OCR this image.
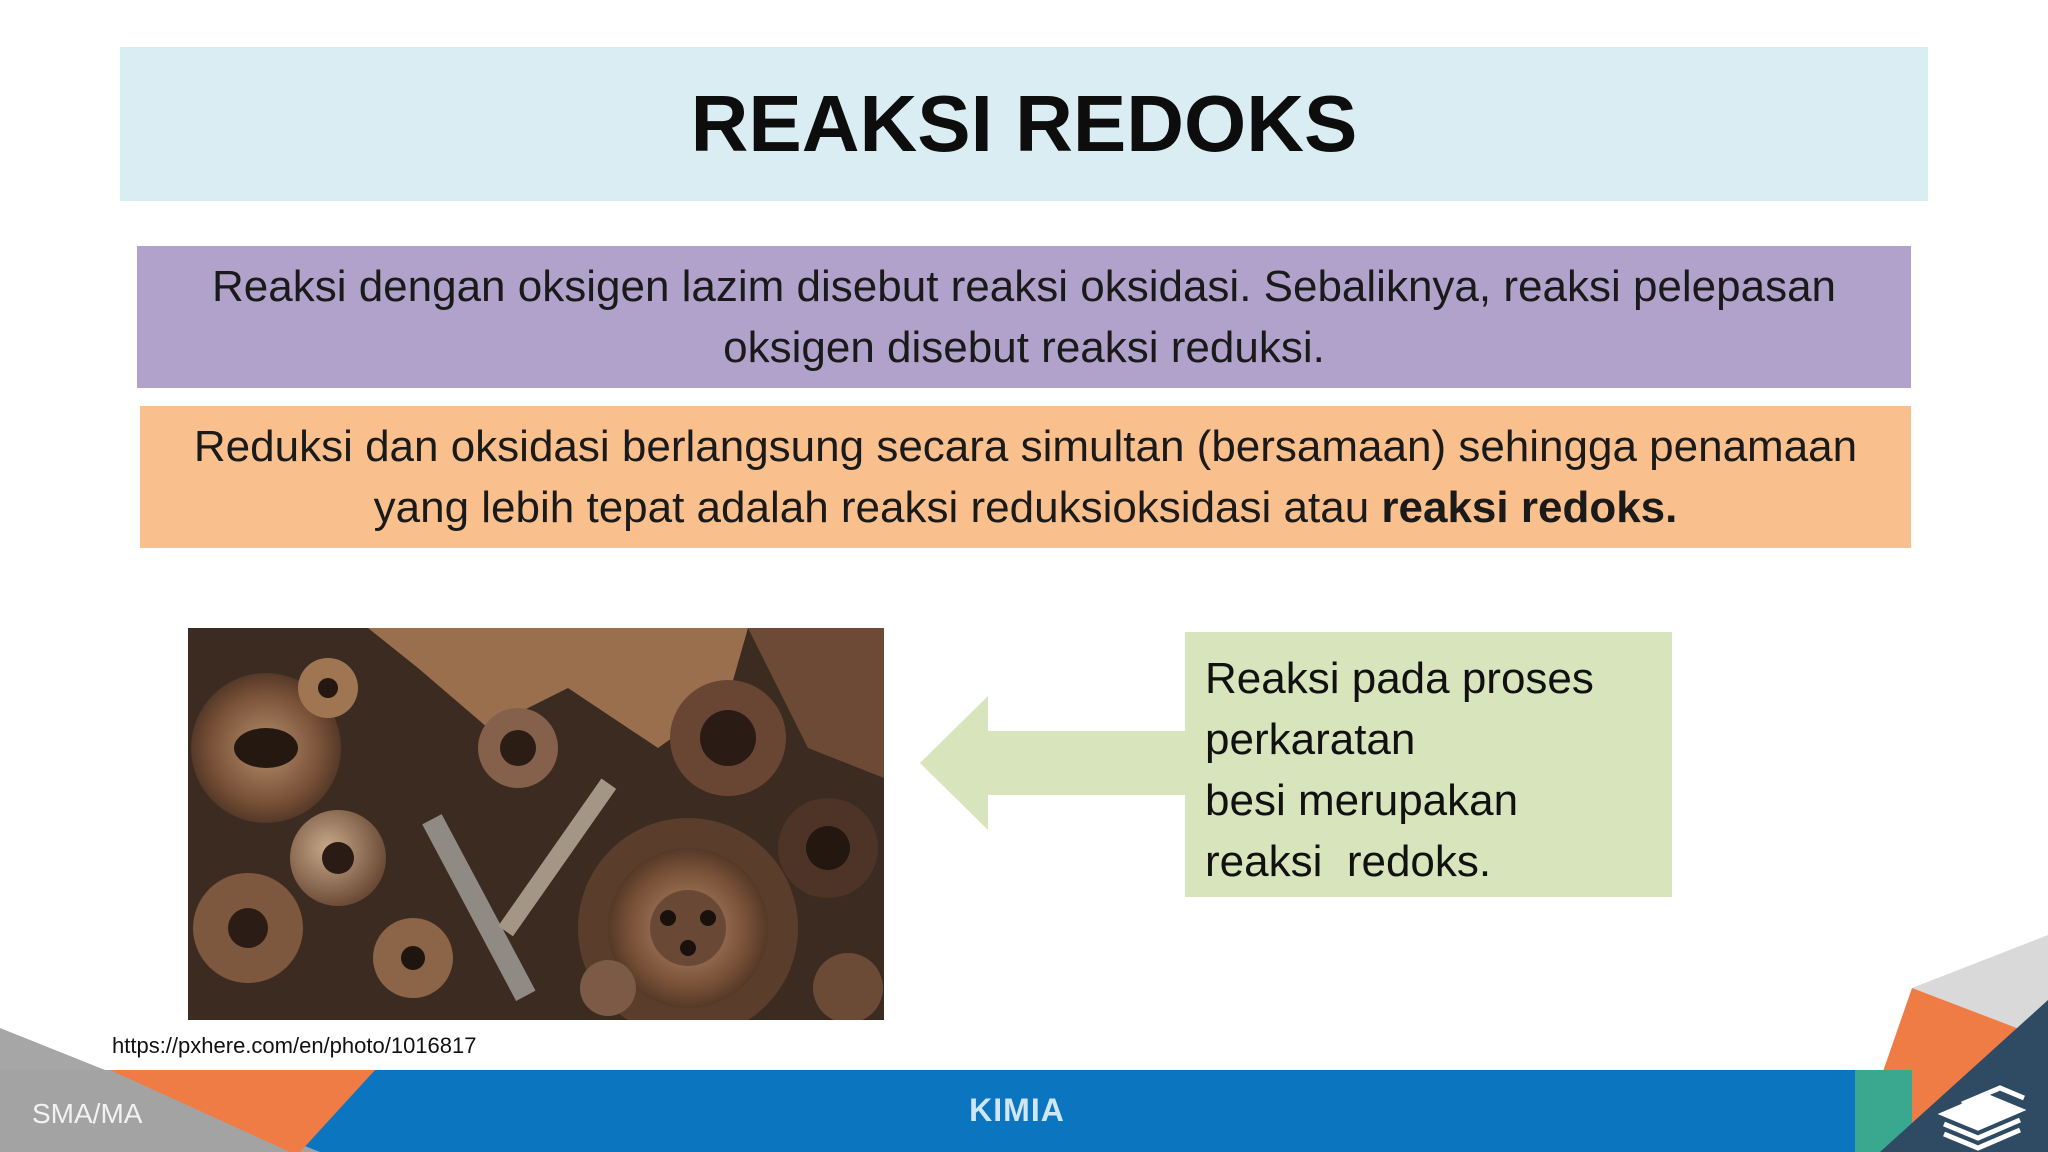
REAKSI REDOKS
Reaksi dengan oksigen lazim disebut reaksi oksidasi. Sebaliknya, reaksi pelepasan oksigen disebut reaksi reduksi.
Reduksi dan oksidasi berlangsung secara simultan (bersamaan) sehingga penamaan yang lebih tepat adalah reaksi reduksioksidasi atau reaksi redoks.
Reaksi pada proses
perkaratan
besi merupakan
reaksi  redoks.
https://pxhere.com/en/photo/1016817
SMA/MA	KIMIA
